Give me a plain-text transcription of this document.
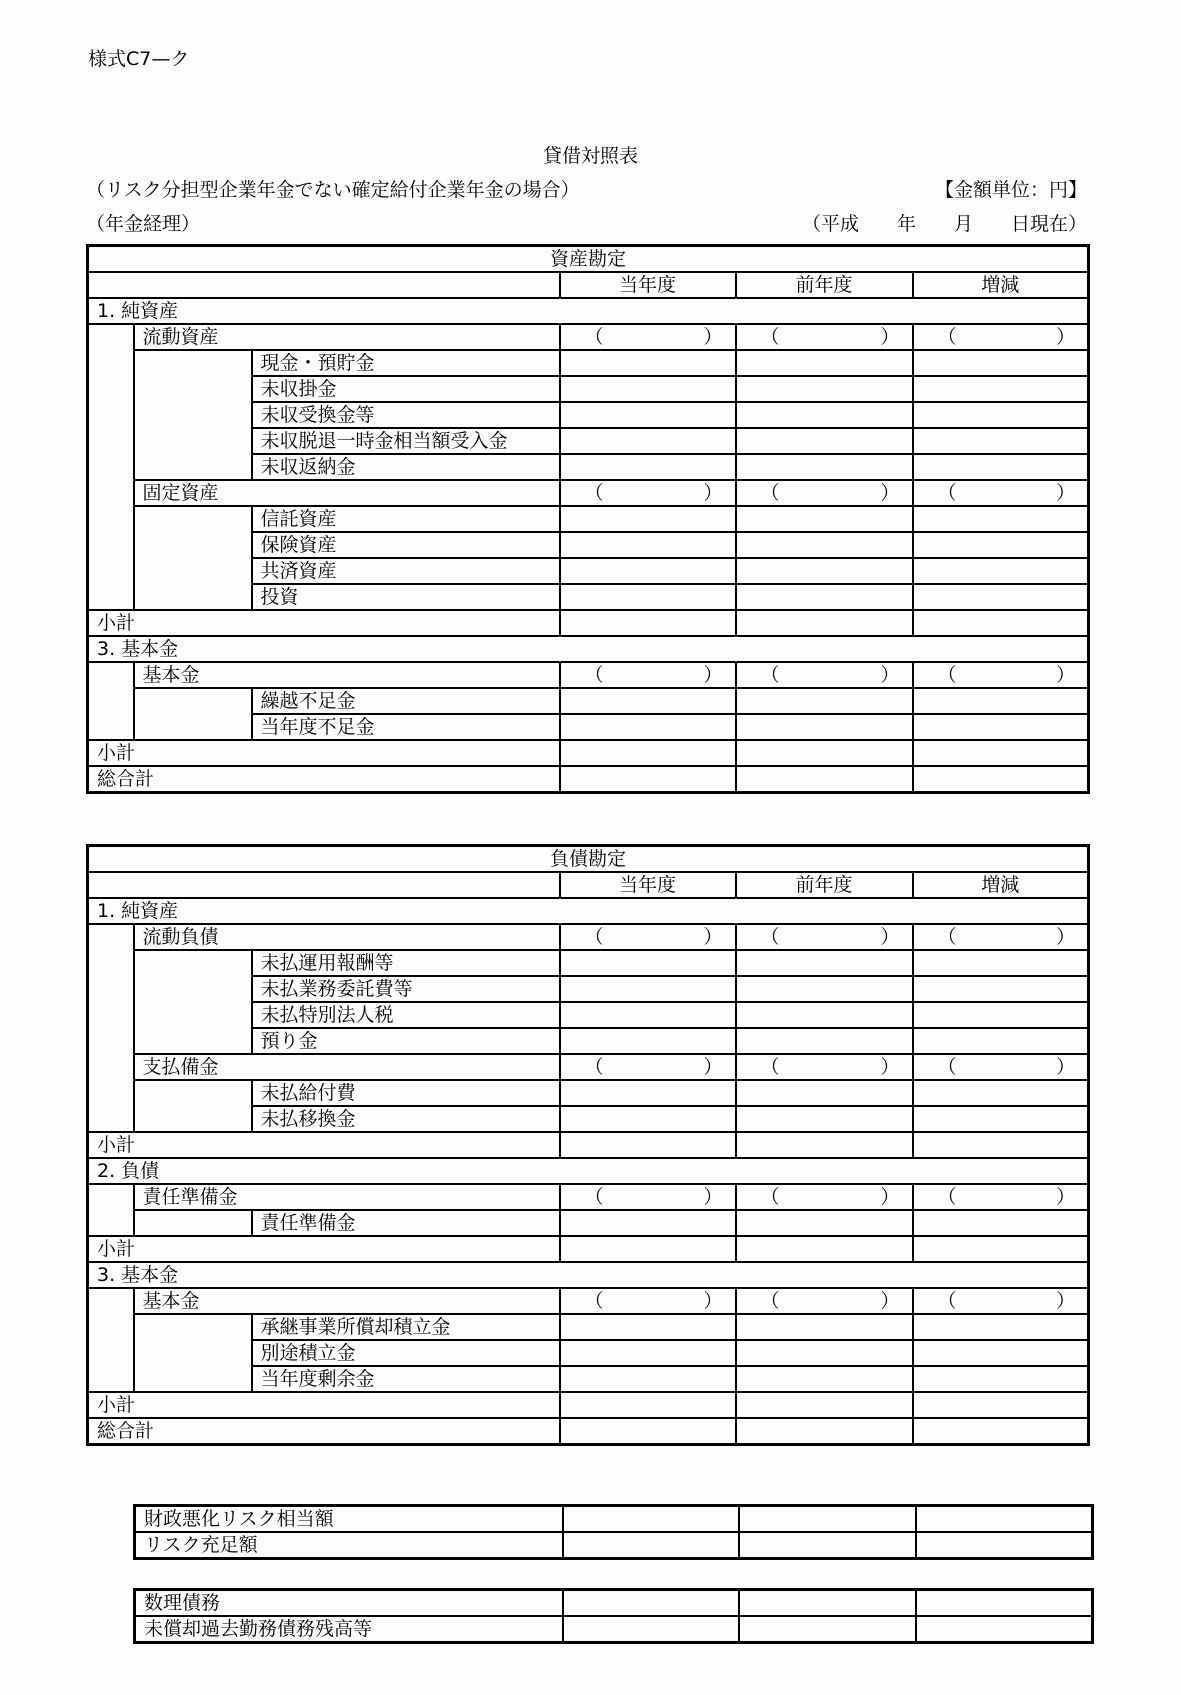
様式C7—ク
貸借対照表
（リスク分担型企業年金でない確定給付企業年金の場合）	【金額単位：円】
（年金経理）	（平成　　年　　月　　日現在）
資産勘定					
			当年度	前年度	増減
1. 純資産					
	流動資産		（ ）	（ ）	（ ）

		現金・預貯金			
		未収掛金			
		未収受換金等			
		未収脱退一時金相当額受入金			
		未収返納金			
	固定資産		（ ）	（ ）	（ ）

		信託資産			
		保険資産			
		共済資産			
		投資			
小計					
3. 基本金					
	基本金		（ ）	（ ）	（ ）

		繰越不足金			
		当年度不足金			
小計					
総合計					
負債勘定					
			当年度	前年度	増減
1. 純資産					
	流動負債		（ ）	（ ）	（ ）

		未払運用報酬等			
		未払業務委託費等			
		未払特別法人税			
		預り金			
	支払備金		（ ）	（ ）	（ ）

		未払給付費			
		未払移換金			
小計					
2. 負債					
	責任準備金		（ ）	（ ）	（ ）

		責任準備金			
小計					
3. 基本金					
	基本金		（ ）	（ ）	（ ）

		承継事業所償却積立金			
		別途積立金			
		当年度剰余金			
小計					
総合計					
財政悪化リスク相当額			
リスク充足額			
数理債務			
未償却過去勤務債務残高等			
